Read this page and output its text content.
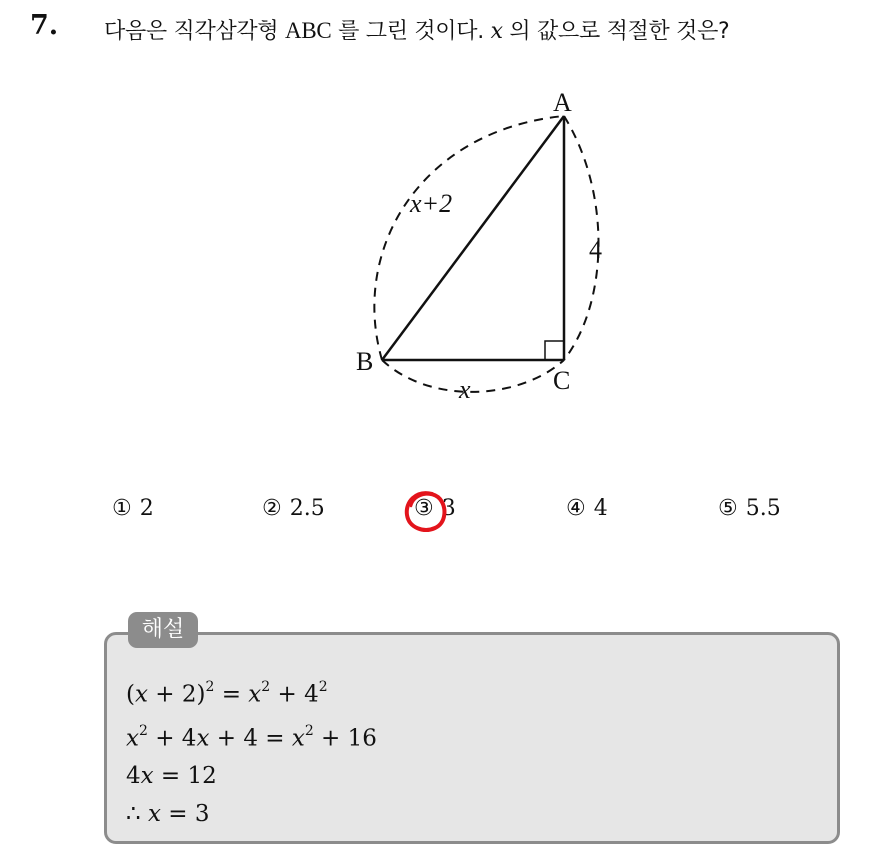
7. 다음은 직각삼각형 ABC 를 그린 것이다. x 의 값으로 적절한 것은?
A
B
C
x+2
4
x
① 2	② 2.5	③ 3	④ 4	⑤ 5.5
해설
$(x + 2)^2 = x^2 + 4^2$
$x^2 + 4x + 4 = x^2 + 16$
4x = 12
∴ x = 3
